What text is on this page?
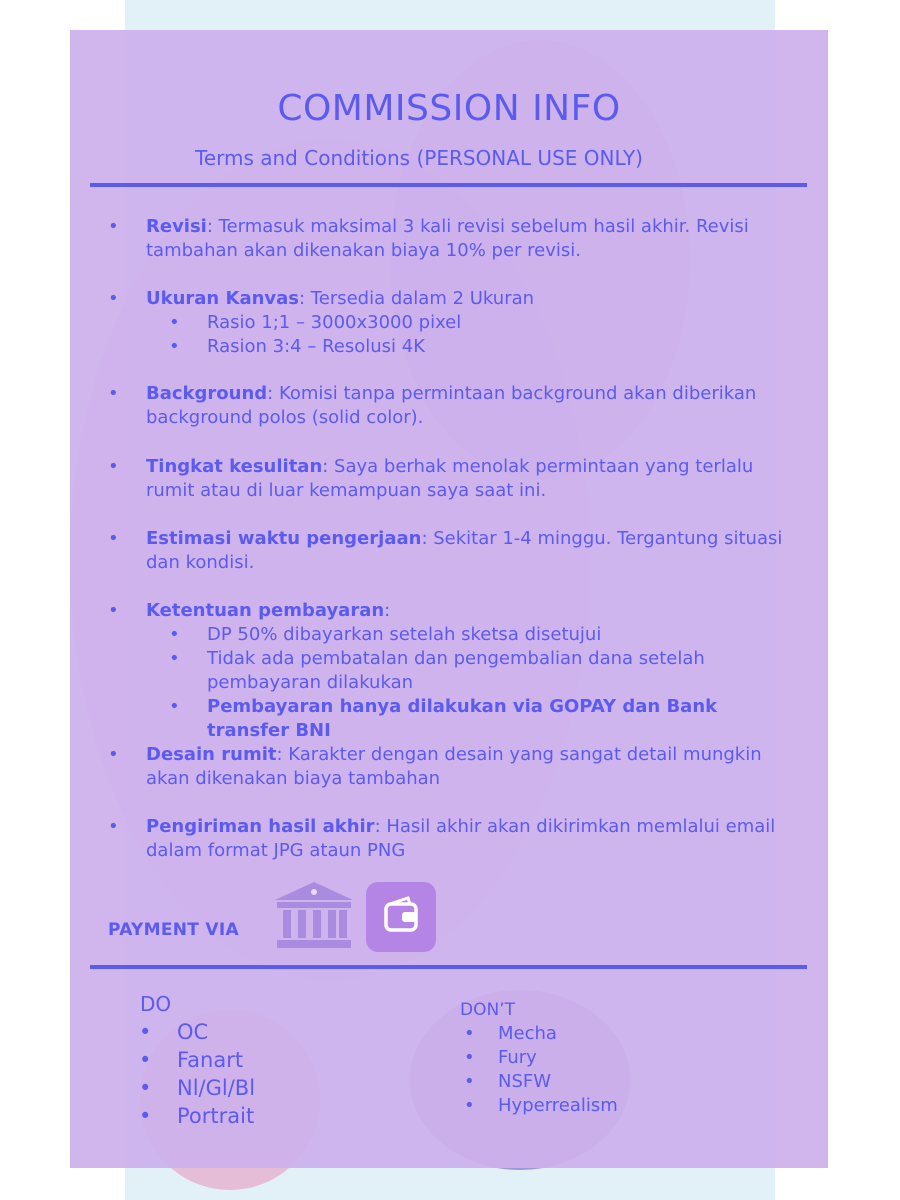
COMMISSION INFO
Terms and Conditions (PERSONAL USE ONLY)
• Revisi: Termasuk maksimal 3 kali revisi sebelum hasil akhir. Revisi tambahan akan dikenakan biaya 10% per revisi.
• Ukuran Kanvas: Tersedia dalam 2 Ukuran
• Rasio 1;1 – 3000x3000 pixel
• Rasion 3:4 – Resolusi 4K
• Background: Komisi tanpa permintaan background akan diberikan background polos (solid color).
• Tingkat kesulitan: Saya berhak menolak permintaan yang terlalu rumit atau di luar kemampuan saya saat ini.
• Estimasi waktu pengerjaan: Sekitar 1-4 minggu. Tergantung situasi dan kondisi.
• Ketentuan pembayaran:
• DP 50% dibayarkan setelah sketsa disetujui
• Tidak ada pembatalan dan pengembalian dana setelah pembayaran dilakukan
• Pembayaran hanya dilakukan via GOPAY dan Bank transfer BNI
• Desain rumit: Karakter dengan desain yang sangat detail mungkin akan dikenakan biaya tambahan
• Pengiriman hasil akhir: Hasil akhir akan dikirimkan memlalui email dalam format JPG ataun PNG
PAYMENT VIA
DO
• OC
• Fanart
• Nl/Gl/Bl
• Portrait
DON’T
• Mecha
• Fury
• NSFW
• Hyperrealism
